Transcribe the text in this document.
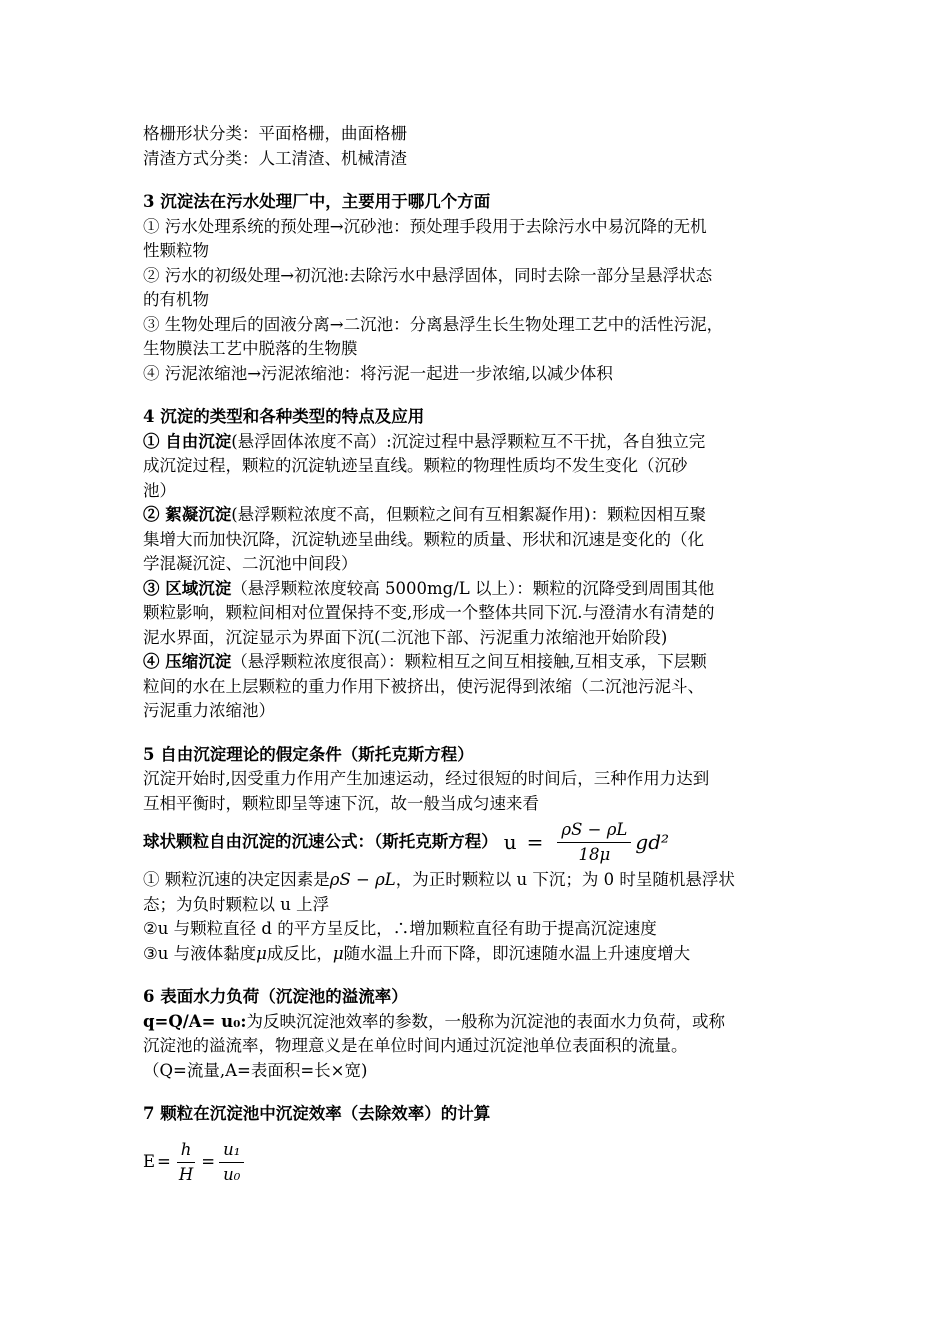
格栅形状分类：平面格栅，曲面格栅

清渣方式分类：人工清渣、机械清渣

3 沉淀法在污水处理厂中，主要用于哪几个方面

① 污水处理系统的预处理→沉砂池：预处理手段用于去除污水中易沉降的无机

性颗粒物

② 污水的初级处理→初沉池:去除污水中悬浮固体，同时去除一部分呈悬浮状态

的有机物

③ 生物处理后的固液分离→二沉池：分离悬浮生长生物处理工艺中的活性污泥，

生物膜法工艺中脱落的生物膜

④ 污泥浓缩池→污泥浓缩池：将污泥一起进一步浓缩,以减少体积

4 沉淀的类型和各种类型的特点及应用

① 自由沉淀(悬浮固体浓度不高）:沉淀过程中悬浮颗粒互不干扰，各自独立完

成沉淀过程，颗粒的沉淀轨迹呈直线。颗粒的物理性质均不发生变化（沉砂

池）

② 絮凝沉淀(悬浮颗粒浓度不高，但颗粒之间有互相絮凝作用)：颗粒因相互聚

集增大而加快沉降，沉淀轨迹呈曲线。颗粒的质量、形状和沉速是变化的（化

学混凝沉淀、二沉池中间段）

③ 区域沉淀（悬浮颗粒浓度较高 5000mg/L 以上）：颗粒的沉降受到周围其他

颗粒影响，颗粒间相对位置保持不变,形成一个整体共同下沉.与澄清水有清楚的

泥水界面，沉淀显示为界面下沉(二沉池下部、污泥重力浓缩池开始阶段)

④ 压缩沉淀（悬浮颗粒浓度很高）：颗粒相互之间互相接触,互相支承，下层颗

粒间的水在上层颗粒的重力作用下被挤出，使污泥得到浓缩（二沉池污泥斗、

污泥重力浓缩池）

5 自由沉淀理论的假定条件（斯托克斯方程）

沉淀开始时,因受重力作用产生加速运动，经过很短的时间后，三种作用力达到

互相平衡时，颗粒即呈等速下沉，故一般当成匀速来看

球状颗粒自由沉淀的沉速公式：（斯托克斯方程） $u = \frac{\rho S - \rho L}{18\mu} gd^2$

① 颗粒沉速的决定因素是ρS − ρL，为正时颗粒以 u 下沉；为 0 时呈随机悬浮状

态；为负时颗粒以 u 上浮

②u 与颗粒直径 d 的平方呈反比，∴增加颗粒直径有助于提高沉淀速度

③u 与液体黏度μ成反比，μ随水温上升而下降，即沉速随水温上升速度增大

6 表面水力负荷（沉淀池的溢流率）

q=Q/A= u₀:为反映沉淀池效率的参数，一般称为沉淀池的表面水力负荷，或称

沉淀池的溢流率，物理意义是在单位时间内通过沉淀池单位表面积的流量。

（Q=流量,A=表面积=长×宽)

7 颗粒在沉淀池中沉淀效率（去除效率）的计算

$E = \frac{h}{H} = \frac{\text{u₁}}{\text{u₀}}$
